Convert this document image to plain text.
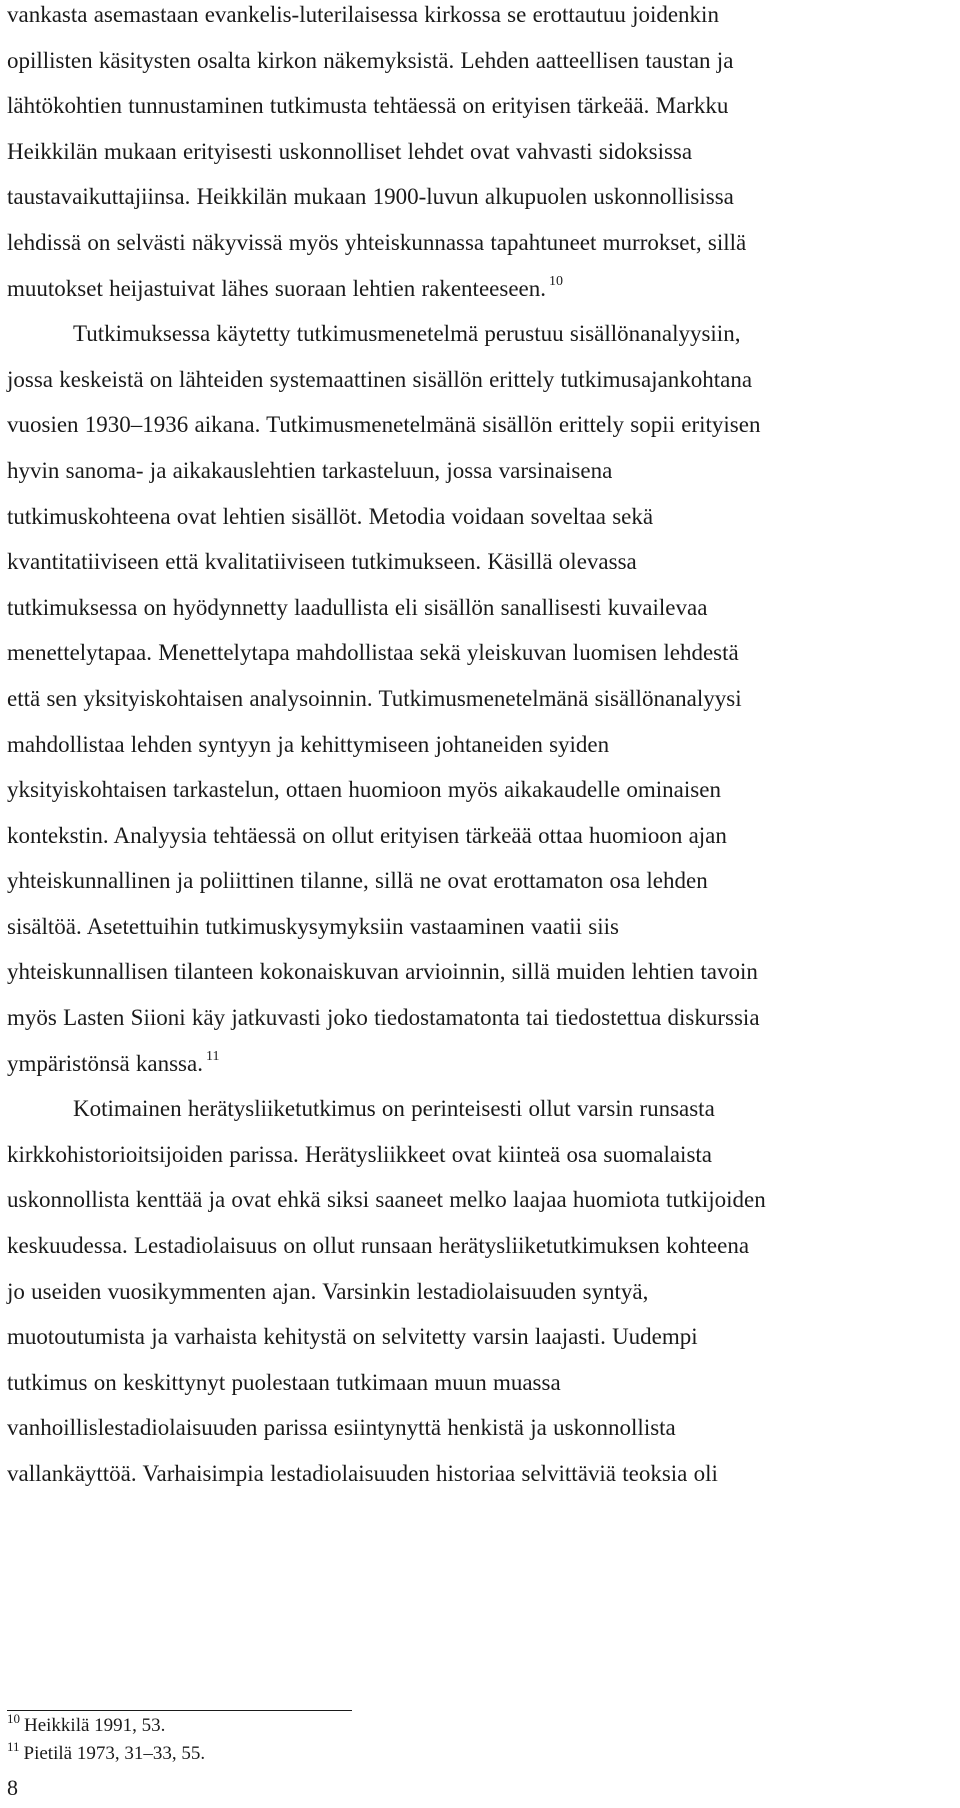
vankasta asemastaan evankelis-luterilaisessa kirkossa se erottautuu joidenkin
opillisten käsitysten osalta kirkon näkemyksistä. Lehden aatteellisen taustan ja
lähtökohtien tunnustaminen tutkimusta tehtäessä on erityisen tärkeää. Markku
Heikkilän mukaan erityisesti uskonnolliset lehdet ovat vahvasti sidoksissa
taustavaikuttajiinsa. Heikkilän mukaan 1900-luvun alkupuolen uskonnollisissa
lehdissä on selvästi näkyvissä myös yhteiskunnassa tapahtuneet murrokset, sillä
muutokset heijastuivat lähes suoraan lehtien rakenteeseen. $^{10}$
Tutkimuksessa käytetty tutkimusmenetelmä perustuu sisällönanalyysiin,
jossa keskeistä on lähteiden systemaattinen sisällön erittely tutkimusajankohtana
vuosien 1930–1936 aikana. Tutkimusmenetelmänä sisällön erittely sopii erityisen
hyvin sanoma- ja aikakauslehtien tarkasteluun, jossa varsinaisena
tutkimuskohteena ovat lehtien sisällöt. Metodia voidaan soveltaa sekä
kvantitatiiviseen että kvalitatiiviseen tutkimukseen. Käsillä olevassa
tutkimuksessa on hyödynnetty laadullista eli sisällön sanallisesti kuvailevaa
menettelytapaa. Menettelytapa mahdollistaa sekä yleiskuvan luomisen lehdestä
että sen yksityiskohtaisen analysoinnin. Tutkimusmenetelmänä sisällönanalyysi
mahdollistaa lehden syntyyn ja kehittymiseen johtaneiden syiden
yksityiskohtaisen tarkastelun, ottaen huomioon myös aikakaudelle ominaisen
kontekstin. Analyysia tehtäessä on ollut erityisen tärkeää ottaa huomioon ajan
yhteiskunnallinen ja poliittinen tilanne, sillä ne ovat erottamaton osa lehden
sisältöä. Asetettuihin tutkimuskysymyksiin vastaaminen vaatii siis
yhteiskunnallisen tilanteen kokonaiskuvan arvioinnin, sillä muiden lehtien tavoin
myös Lasten Siioni käy jatkuvasti joko tiedostamatonta tai tiedostettua diskurssia
ympäristönsä kanssa. $^{11}$
Kotimainen herätysliiketutkimus on perinteisesti ollut varsin runsasta
kirkkohistorioitsijoiden parissa. Herätysliikkeet ovat kiinteä osa suomalaista
uskonnollista kenttää ja ovat ehkä siksi saaneet melko laajaa huomiota tutkijoiden
keskuudessa. Lestadiolaisuus on ollut runsaan herätysliiketutkimuksen kohteena
jo useiden vuosikymmenten ajan. Varsinkin lestadiolaisuuden syntyä,
muotoutumista ja varhaista kehitystä on selvitetty varsin laajasti. Uudempi
tutkimus on keskittynyt puolestaan tutkimaan muun muassa
vanhoillislestadiolaisuuden parissa esiintynyttä henkistä ja uskonnollista
vallankäyttöä. Varhaisimpia lestadiolaisuuden historiaa selvittäviä teoksia oli
$^{10}$ Heikkilä 1991, 53.
$^{11}$ Pietilä 1973, 31–33, 55.
8
